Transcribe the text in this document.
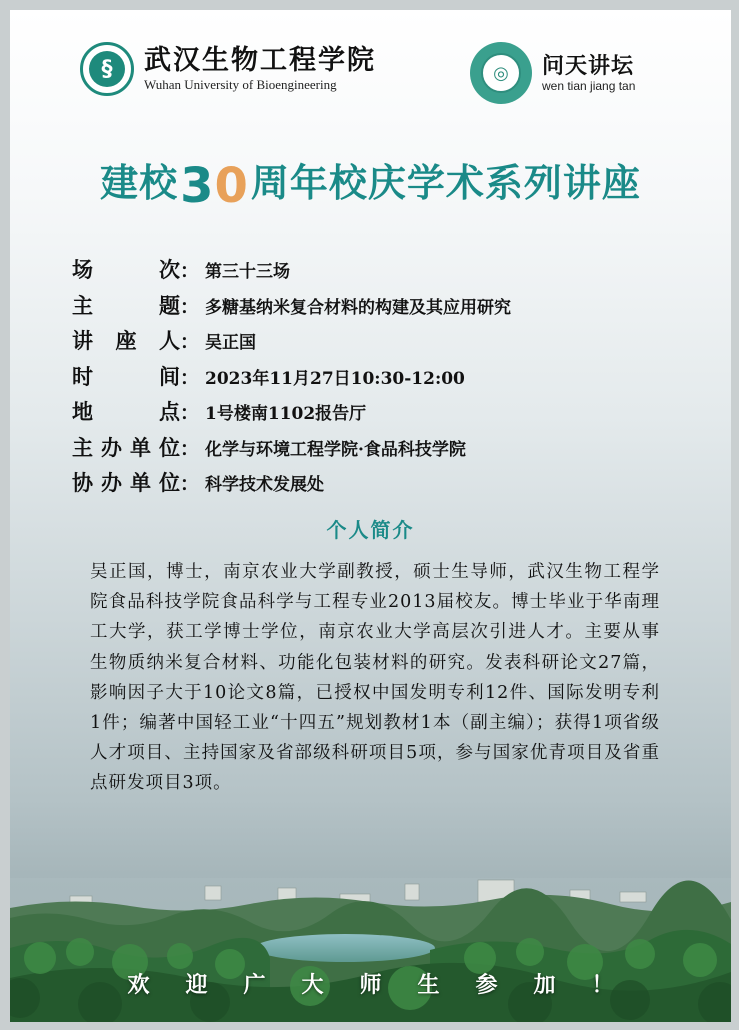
§	武汉生物工程学院
Wuhan University of Bioengineering
◎	问天讲坛
wen tian jiang tan
建校30周年校庆学术系列讲座
场次 ： 第三十三场
主题 ： 多糖基纳米复合材料的构建及其应用研究
讲座人 ： 吴正国
时间 ： 2023年11月27日10:30-12:00
地点 ： 1号楼南1102报告厅
主办单位 ： 化学与环境工程学院·食品科技学院
协办单位 ： 科学技术发展处
个人简介
吴正国，博士，南京农业大学副教授，硕士生导师，武汉生物工程学院食品科技学院食品科学与工程专业2013届校友。博士毕业于华南理工大学，获工学博士学位，南京农业大学高层次引进人才。主要从事生物质纳米复合材料、功能化包装材料的研究。发表科研论文27篇，影响因子大于10论文8篇，已授权中国发明专利12件、国际发明专利1件；编著中国轻工业“十四五”规划教材1本（副主编）；获得1项省级人才项目、主持国家及省部级科研项目5项，参与国家优青项目及省重点研发项目3项。
欢迎广大师生参加！
